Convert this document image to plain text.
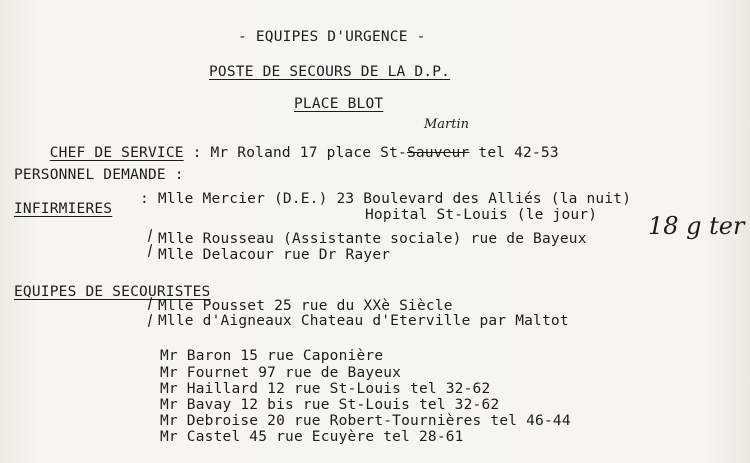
- EQUIPES D'URGENCE -
POSTE DE SECOURS DE LA D.P.
PLACE BLOT

CHEF DE SERVICE : Mr Roland 17 place St-Sauveur tel 42-53

Martin
PERSONNEL DEMANDE :
INFIRMIERES
: Mlle Mercier (D.E.) 23 Boulevard des Alliés (la nuit)
Hopital St-Louis (le jour)
/ Mlle Rousseau (Assistante sociale) rue de Bayeux
/ Mlle Delacour rue Dr Rayer
18 g ter
EQUIPES DE SECOURISTES
/ Mlle Pousset 25 rue du XXè Siècle
/ Mlle d'Aigneaux Chateau d'Eterville par Maltot
Mr Baron 15 rue Caponière
Mr Fournet 97 rue de Bayeux
Mr Haillard 12 rue St-Louis tel 32-62
Mr Bavay 12 bis rue St-Louis tel 32-62
Mr Debroise 20 rue Robert-Tournières tel 46-44
Mr Castel 45 rue Ecuyère tel 28-61
